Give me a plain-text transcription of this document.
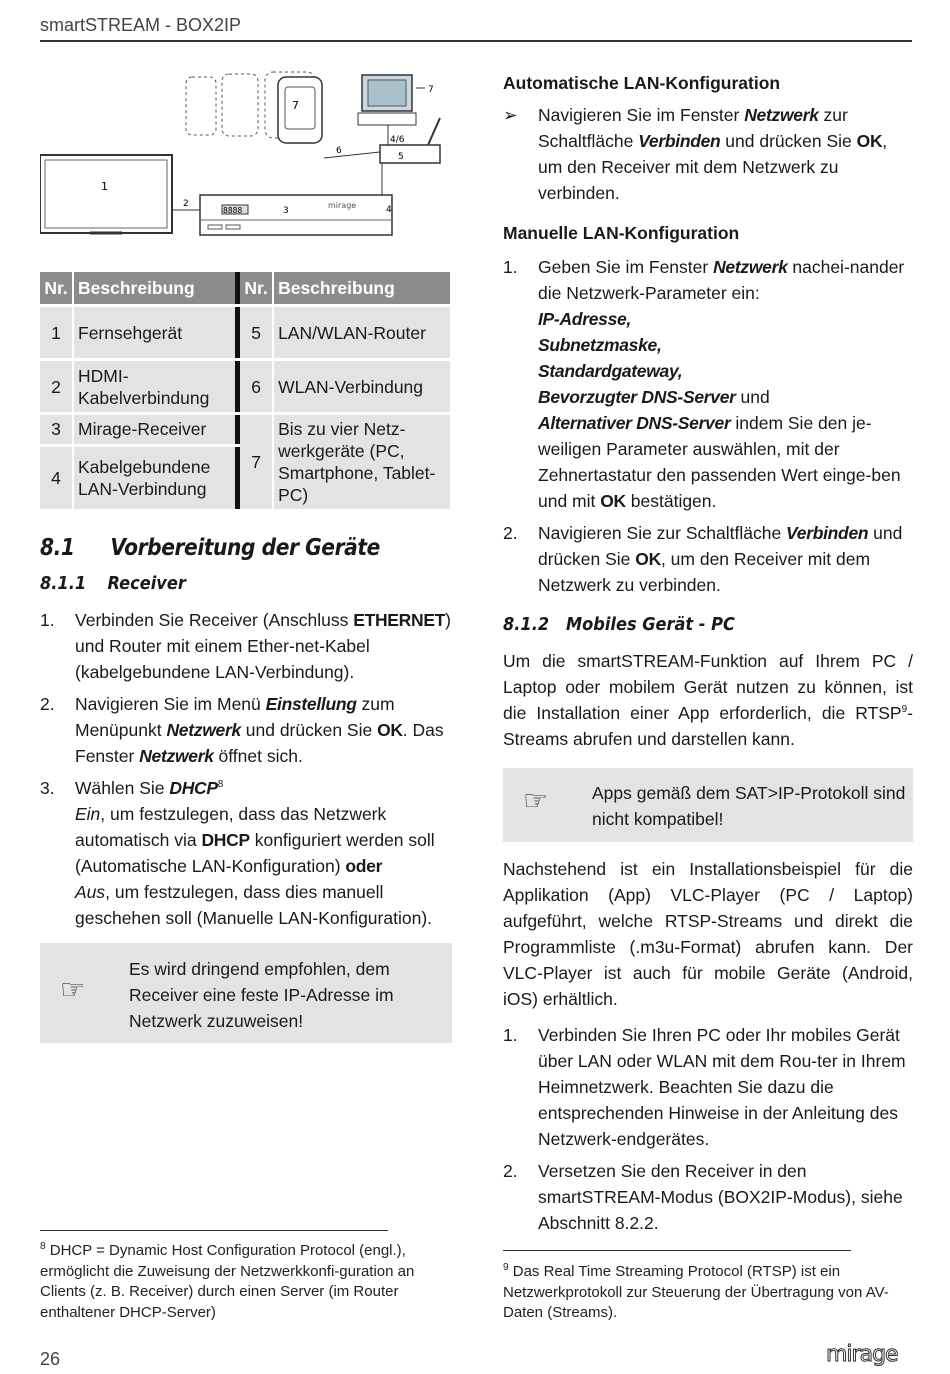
smartSTREAM - BOX2IP
7
7
4/6
5
6
1
2
8888	3
mirage	4
Nr.		Beschreibung		Nr.		Beschreibung
1		Fernsehgerät		5		LAN/WLAN-Router
2		HDMI-Kabelverbindung		6		WLAN-Verbindung
3		Mirage-Receiver		7		Bis zu vier Netz-werkgeräte (PC, Smartphone, Tablet-PC)
4		Kabelgebundene LAN-Verbindung				
8.1 Vorbereitung der Geräte
8.1.1 Receiver
1. Verbinden Sie Receiver (Anschluss ETHERNET) und Router mit einem Ether-net-Kabel (kabelgebundene LAN-Verbindung).
2. Navigieren Sie im Menü Einstellung zum Menüpunkt Netzwerk und drücken Sie OK. Das Fenster Netzwerk öffnet sich.
3. Wählen Sie DHCP$^8$
Ein, um festzulegen, dass das Netzwerk automatisch via DHCP konfiguriert werden soll (Automatische LAN-Konfiguration) oder
Aus, um festzulegen, dass dies manuell geschehen soll (Manuelle LAN-Konfiguration).
☞
Es wird dringend empfohlen, dem Receiver eine feste IP-Adresse im Netzwerk zuzuweisen!
$^8$ DHCP = Dynamic Host Configuration Protocol (engl.), ermöglicht die Zuweisung der Netzwerkkonfi-guration an Clients (z. B. Receiver) durch einen Server (im Router enthaltener DHCP-Server)
Automatische LAN-Konfiguration
➢ Navigieren Sie im Fenster Netzwerk zur Schaltfläche Verbinden und drücken Sie OK, um den Receiver mit dem Netzwerk zu verbinden.
Manuelle LAN-Konfiguration
1. Geben Sie im Fenster Netzwerk nachei-nander die Netzwerk-Parameter ein:
IP-Adresse,
Subnetzmaske,
Standardgateway,
Bevorzugter DNS-Server und
Alternativer DNS-Server indem Sie den je-weiligen Parameter auswählen, mit der Zehnertastatur den passenden Wert einge-ben und mit OK bestätigen.
2. Navigieren Sie zur Schaltfläche Verbinden und drücken Sie OK, um den Receiver mit dem Netzwerk zu verbinden.
8.1.2 Mobiles Gerät - PC

Um die smartSTREAM-Funktion auf Ihrem PC / Laptop oder mobilem Gerät nutzen zu können, ist die Installation einer App erforderlich, die RTSP$^9$-Streams abrufen und darstellen kann.

☞	Apps gemäß dem SAT>IP-Protokoll sind nicht kompatibel!

Nachstehend ist ein Installationsbeispiel für die Applikation (App) VLC-Player (PC / Laptop) aufgeführt, welche RTSP-Streams und direkt die Programmliste (.m3u-Format) abrufen kann. Der VLC-Player ist auch für mobile Geräte (Android, iOS) erhältlich.

1. Verbinden Sie Ihren PC oder Ihr mobiles Gerät über LAN oder WLAN mit dem Rou-ter in Ihrem Heimnetzwerk. Beachten Sie dazu die entsprechenden Hinweise in der Anleitung des Netzwerk-endgerätes.
2. Versetzen Sie den Receiver in den smartSTREAM-Modus (BOX2IP-Modus), siehe Abschnitt 8.2.2.
$^9$ Das Real Time Streaming Protocol (RTSP) ist ein Netzwerkprotokoll zur Steuerung der Übertragung von AV-Daten (Streams).
26	mirage
